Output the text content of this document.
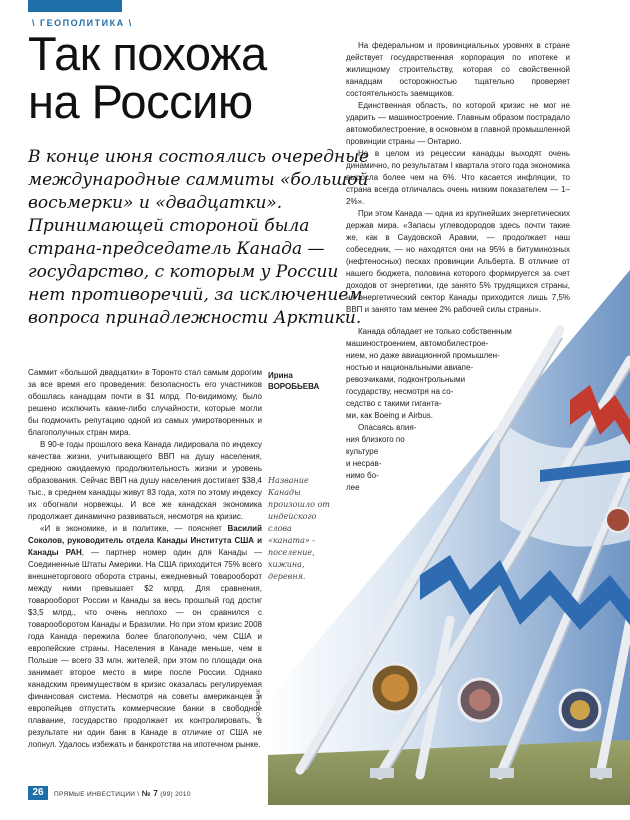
ФОТОБАНК
\ ГЕОПОЛИТИКА \
Так похожа
на Россию
В конце июня состоялись очередные
международные саммиты «большой
восьмерки» и «двадцатки».
Принимающей стороной была
страна-председатель Канада —
государство, с которым у России
нет противоречий, за исключением
вопроса принадлежности Арктики.

Саммит «большой двадцатки» в Торонто стал самым дорогим за все время его проведения: безопасность его участников обошлась канадцам почти в $1 млрд. По-видимому, было решено исключить какие-либо случайности, которые могли бы подмочить репутацию одной из самых умиротворенных и благополучных стран мира.

В 90-е годы прошлого века Канада лидировала по индексу качества жизни, учитывающего ВВП на душу населения, среднюю ожидаемую продолжительность жизни и уровень образования. Сейчас ВВП на душу населения достигает $38,4 тыс., в среднем канадцы живут 83 года, хотя по этому индексу их обогнали норвежцы. И все же канадская экономика продолжает динамично развиваться, несмотря на кризис.

«И в экономике, и в политике, — поясняет Василий Соколов, руководитель отдела Канады Института США и Канады РАН, — партнер номер один для Канады — Соединенные Штаты Америки. На США приходится 75% всего внешнеторгового оборота страны, ежедневный товарооборот между ними превышает $2 млрд. Для сравнения, товарооборот России и Канады за весь прошлый год достиг $3,5 млрд., что очень неплохо — он сравнился с товарооборотом Канады и Бразилии. Но при этом кризис 2008 года Канада пережила более благополучно, чем США и европейские страны. Населения в Канаде меньше, чем в Польше — всего 33 млн. жителей, при этом по площади она занимает второе место в мире после России. Однако канадским преимуществом в кризис оказалась регулируемая финансовая система. Несмотря на советы американцев и европейцев отпустить коммерческие банки в свободное плавание, государство продолжает их контролировать, в результате ни один банк в Канаде в отличие от США не лопнул. Удалось избежать и банкротства на ипотечном рынке.

Ирина
ВОРОБЬЕВА
Название Канады
произошло от
индейского слова
«каната» -
поселение,
хижина,
деревня.

На федеральном и провинциальных уровнях в стране действует государственная корпорация по ипотеке и жилищному строительству, которая со свойственной канадцам осторожностью тщательно проверяет состоятельность заемщиков.

Единственная область, по которой кризис не мог не ударить — машиностроение. Главным образом пострадало автомобилестроение, в основном в главной промышленной провинции страны — Онтарио.

Но в целом из рецессии канадцы выходят очень динамично, по результатам I квартала этого года экономика выросла более чем на 6%. Что касается инфляции, то страна всегда отличалась очень низким показателем — 1–2%».

При этом Канада — одна из крупнейших энергетических держав мира. «Запасы углеводородов здесь почти такие же, как в Саудовской Аравии, — продолжает наш собеседник, — но находятся они на 95% в битуминозных (нефтеносных) песках провинции Альберта. В отличие от нашего бюджета, половина которого формируется за счет доходов от энергетики, где занято 5% трудящихся страны, на энергетический сектор Канады приходится лишь 7,5% ВВП и занято там менее 2% рабочей силы страны».

Канада обладает не только собственным
машиностроением, автомобилестрое-
нием, но даже авиационной промышлен-
ностью и национальными авиапе-
ревозчиками, подконтрольными
государству, несмотря на со-
седство с такими гиганта-
ми, как Boeing и Airbus.
Опасаясь влия-
ния близкого по
культуре
и несрав-
нимо бо-
лее
26	ПРЯМЫЕ ИНВЕСТИЦИИ \ № 7 (99) 2010
